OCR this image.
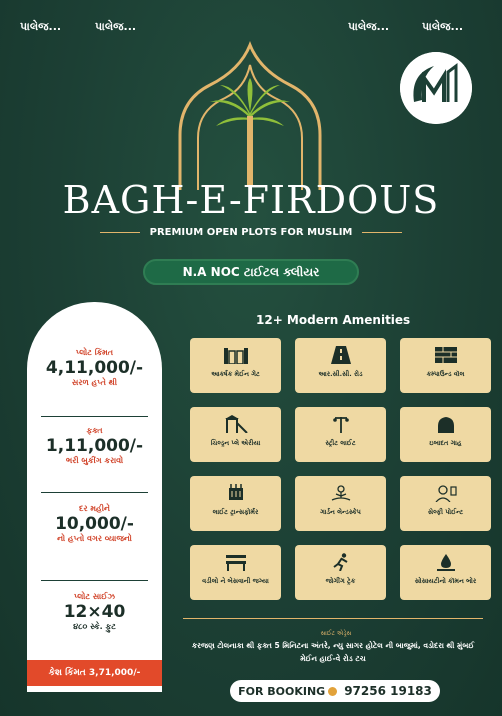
પાલેજ...	પાલેજ...	પાલેજ...	પાલેજ...
BAGH-E-FIRDOUS
PREMIUM OPEN PLOTS FOR MUSLIM
N.A NOC ટાઈટલ ક્લીયર
પ્લોટ કિંમત
4,11,000/-
સરળ હપ્તે થી
ફક્ત
1,11,000/-
ભરી બુકીંગ કરાવો
દર મહીને
10,000/-
નો હપ્તો વગર વ્યાજનો
પ્લોટ સાઈઝ
12×40
૪૮૦ સ્કે. ફુટ
કેશ કિંમત 3,71,000/-
12+ Modern Amenities
આકર્ષક મેઈન ગેટ	આર.સી.સી. રોડ	કમ્પાઉન્ડ વૉલ
ચિલ્ડ્રન પ્લે એરીયા	સ્ટ્રીટ લાઈટ	ઇબાદત ગાહ
લાઈટ ટ્રાન્સફોર્મર	ગાર્ડન લેન્ડસ્કેપ	સેલ્ફી પોઈન્ટ
વડીલો ને બેસવાની જગ્યા	જોગીંગ ટ્રેક	સોસાયટીનો કૉમન બોર
સાઈટ એડ્રેસ
કરજણ ટોલનાકા થી ફક્ત 5 મિનિટના અંતરે, ન્યુ સાગર હોટેલ ની બાજુમાં, વડોદરા થી મુંબઈ મેઈન હાઈ-વે રોડ ટચ
FOR BOOKING 97256 19183
